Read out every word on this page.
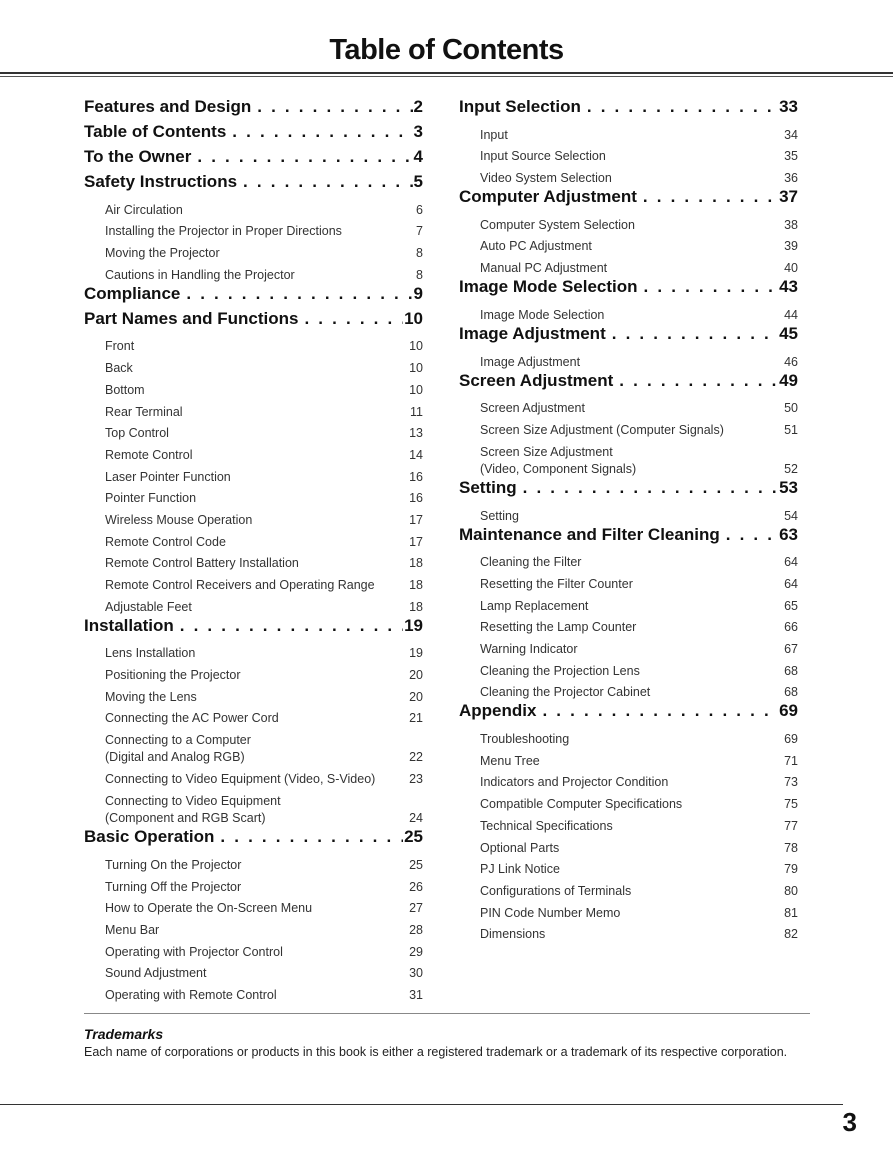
Table of Contents
Features and Design . . .	2
Table of Contents . . .	3
To the Owner . . .	4
Safety Instructions . . .	5
Air Circulation	6
Installing the Projector in Proper Directions	7
Moving the Projector	8
Cautions in Handling the Projector	8
Compliance . . .	9
Part Names and Functions . . .	10
Front	10
Back	10
Bottom	10
Rear Terminal	11
Top Control	13
Remote Control	14
Laser Pointer Function	16
Pointer Function	16
Wireless Mouse Operation	17
Remote Control Code	17
Remote Control Battery Installation	18
Remote Control Receivers and Operating Range	18
Adjustable Feet	18
Installation . . .	19
Lens Installation	19
Positioning the Projector	20
Moving the Lens	20
Connecting the AC Power Cord	21
Connecting to a Computer
(Digital and Analog RGB)	22
Connecting to Video Equipment (Video, S-Video)	23
Connecting to Video Equipment
(Component and RGB Scart)	24
Basic Operation . . .	25
Turning On the Projector	25
Turning Off the Projector	26
How to Operate the On-Screen Menu	27
Menu Bar	28
Operating with Projector Control	29
Sound Adjustment	30
Operating with Remote Control	31
Input Selection . . .	33
Input	34
Input Source Selection	35
Video System Selection	36
Computer Adjustment . . .	37
Computer System Selection	38
Auto PC Adjustment	39
Manual PC Adjustment	40
Image Mode Selection . . .	43
Image Mode Selection	44
Image Adjustment . . .	45
Image Adjustment	46
Screen Adjustment . . .	49
Screen Adjustment	50
Screen Size Adjustment (Computer Signals)	51
Screen Size Adjustment
(Video, Component Signals)	52
Setting . . .	53
Setting	54
Maintenance and Filter Cleaning . . .	63
Cleaning the Filter	64
Resetting the Filter Counter	64
Lamp Replacement	65
Resetting the Lamp Counter	66
Warning Indicator	67
Cleaning the Projection Lens	68
Cleaning the Projector Cabinet	68
Appendix . . .	69
Troubleshooting	69
Menu Tree	71
Indicators and Projector Condition	73
Compatible Computer Specifications	75
Technical Specifications	77
Optional Parts	78
PJ Link Notice	79
Configurations of Terminals	80
PIN Code Number Memo	81
Dimensions	82

Trademarks

Each name of corporations or products in this book is either a registered trademark or a trademark of its respective corporation.

3
